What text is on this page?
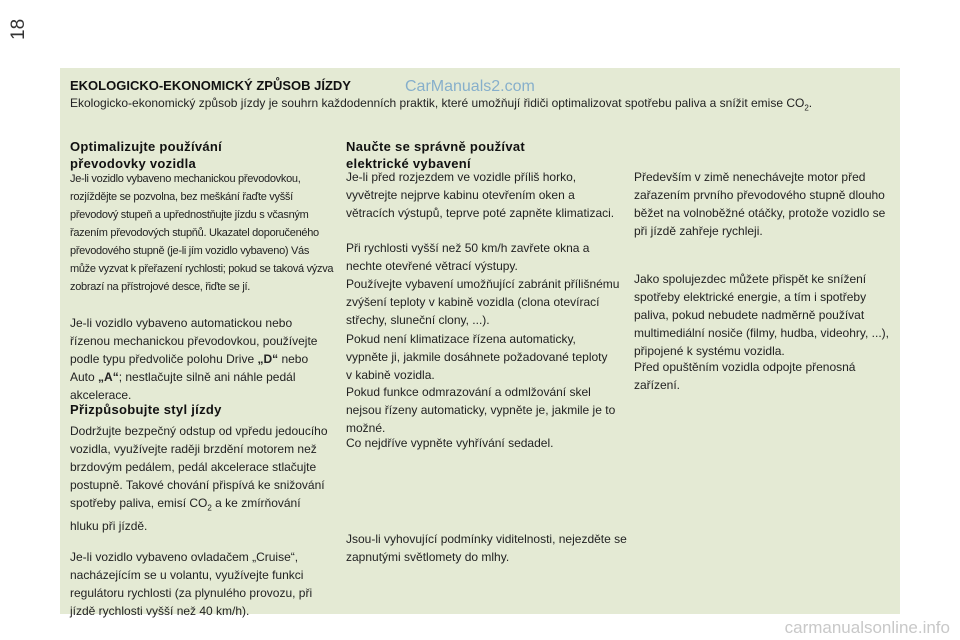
18
EKOLOGICKO-EKONOMICKÝ ZPŮSOB JÍZDY	CarManuals2.com
Ekologicko-ekonomický způsob jízdy je souhrn každodenních praktik, které umožňují řidiči optimalizovat spotřebu paliva a snížit emise $CO_2$.
Optimalizujte používání převodovky vozidla
Je-li vozidlo vybaveno mechanickou převodovkou, rozjíždějte se pozvolna, bez meškání řaďte vyšší převodový stupeň a upřednostňujte jízdu s včasným řazením převodových stupňů. Ukazatel doporučeného převodového stupně (je-li jím vozidlo vybaveno) Vás může vyzvat k přeřazení rychlosti; pokud se taková výzva zobrazí na přístrojové desce, řiďte se jí.
Je-li vozidlo vybaveno automatickou nebo řízenou mechanickou převodovkou, používejte podle typu předvoliče polohu Drive „D“ nebo Auto „A“; nestlačujte silně ani náhle pedál akcelerace.
Přizpůsobujte styl jízdy
Dodržujte bezpečný odstup od vpředu jedoucího vozidla, využívejte raději brzdění motorem než brzdovým pedálem, pedál akcelerace stlačujte postupně. Takové chování přispívá ke snižování spotřeby paliva, emisí $CO_2$ a ke zmírňování hluku při jízdě.
Je-li vozidlo vybaveno ovladačem „Cruise“, nacházejícím se u volantu, využívejte funkci regulátoru rychlosti (za plynulého provozu, při jízdě rychlosti vyšší než 40 km/h).
Naučte se správně používat elektrické vybavení
Je-li před rozjezdem ve vozidle příliš horko, vyvětrejte nejprve kabinu otevřením oken a větracích výstupů, teprve poté zapněte klimatizaci.
Při rychlosti vyšší než 50 km/h zavřete okna a nechte otevřené větrací výstupy.
Používejte vybavení umožňující zabránit přílišnému zvýšení teploty v kabině vozidla (clona otevírací střechy, sluneční clony, ...).
Pokud není klimatizace řízena automaticky, vypněte ji, jakmile dosáhnete požadované teploty v kabině vozidla.
Pokud funkce odmrazování a odmlžování skel nejsou řízeny automaticky, vypněte je, jakmile je to možné.
Co nejdříve vypněte vyhřívání sedadel.
Jsou-li vyhovující podmínky viditelnosti, nejezděte se zapnutými světlomety do mlhy.
Především v zimě nenechávejte motor před zařazením prvního převodového stupně dlouho běžet na volnoběžné otáčky, protože vozidlo se při jízdě zahřeje rychleji.
Jako spolujezdec můžete přispět ke snížení spotřeby elektrické energie, a tím i spotřeby paliva, pokud nebudete nadměrně používat multimediální nosiče (filmy, hudba, videohry, ...), připojené k systému vozidla.
Před opuštěním vozidla odpojte přenosná zařízení.
carmanualsonline.info
